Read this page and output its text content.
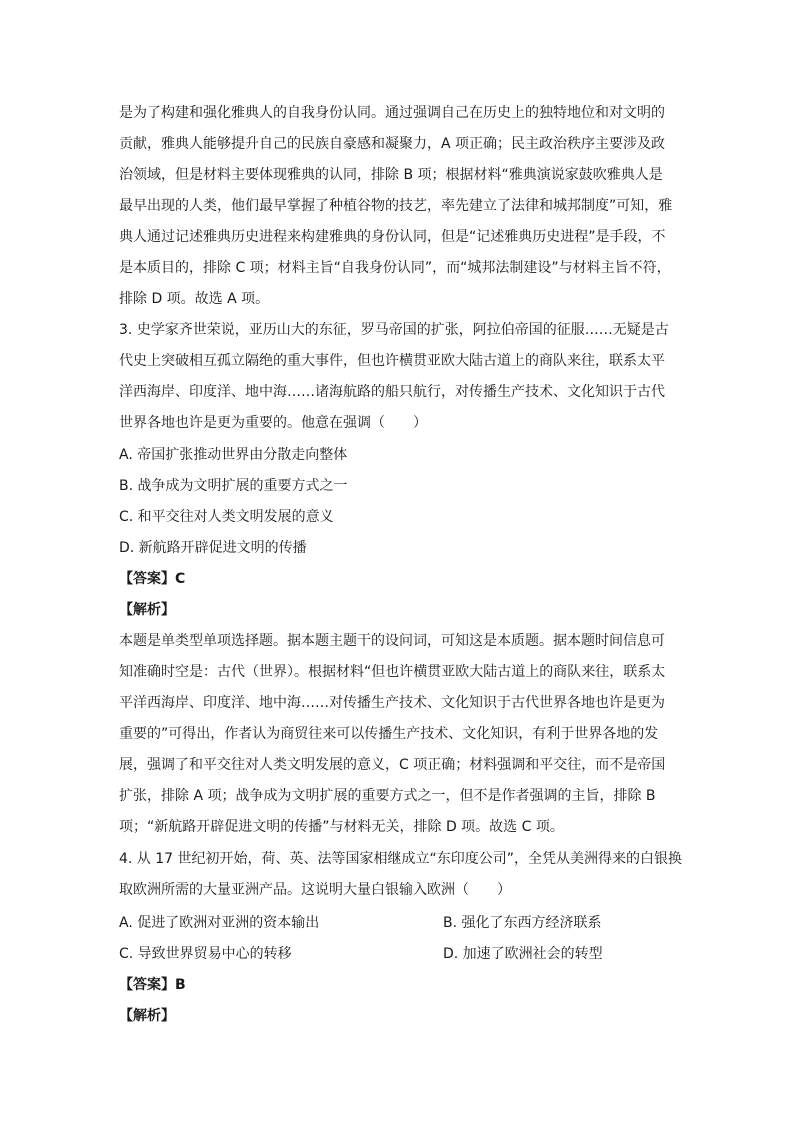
是为了构建和强化雅典人的自我身份认同。通过强调自己在历史上的独特地位和对文明的
贡献，雅典人能够提升自己的民族自豪感和凝聚力，A 项正确；民主政治秩序主要涉及政
治领域，但是材料主要体现雅典的认同，排除 B 项；根据材料“雅典演说家鼓吹雅典人是
最早出现的人类，他们最早掌握了种植谷物的技艺，率先建立了法律和城邦制度”可知，雅
典人通过记述雅典历史进程来构建雅典的身份认同，但是“记述雅典历史进程”是手段，不
是本质目的，排除 C 项；材料主旨“自我身份认同”，而“城邦法制建设”与材料主旨不符，
排除 D 项。故选 A 项。
3. 史学家齐世荣说，亚历山大的东征，罗马帝国的扩张，阿拉伯帝国的征服……无疑是古
代史上突破相互孤立隔绝的重大事件，但也许横贯亚欧大陆古道上的商队来往，联系太平
洋西海岸、印度洋、地中海……诸海航路的船只航行，对传播生产技术、文化知识于古代
世界各地也许是更为重要的。他意在强调（　　）
A. 帝国扩张推动世界由分散走向整体
B. 战争成为文明扩展的重要方式之一
C. 和平交往对人类文明发展的意义
D. 新航路开辟促进文明的传播
【答案】C
【解析】
本题是单类型单项选择题。据本题主题干的设问词，可知这是本质题。据本题时间信息可
知准确时空是：古代（世界）。根据材料“但也许横贯亚欧大陆古道上的商队来往，联系太
平洋西海岸、印度洋、地中海……对传播生产技术、文化知识于古代世界各地也许是更为
重要的”可得出，作者认为商贸往来可以传播生产技术、文化知识，有利于世界各地的发
展，强调了和平交往对人类文明发展的意义，C 项正确；材料强调和平交往，而不是帝国
扩张，排除 A 项；战争成为文明扩展的重要方式之一，但不是作者强调的主旨，排除 B
项；“新航路开辟促进文明的传播”与材料无关，排除 D 项。故选 C 项。
4. 从 17 世纪初开始，荷、英、法等国家相继成立“东印度公司”，全凭从美洲得来的白银换
取欧洲所需的大量亚洲产品。这说明大量白银输入欧洲（　　）
A. 促进了欧洲对亚洲的资本输出	B. 强化了东西方经济联系
C. 导致世界贸易中心的转移	D. 加速了欧洲社会的转型
【答案】B
【解析】
